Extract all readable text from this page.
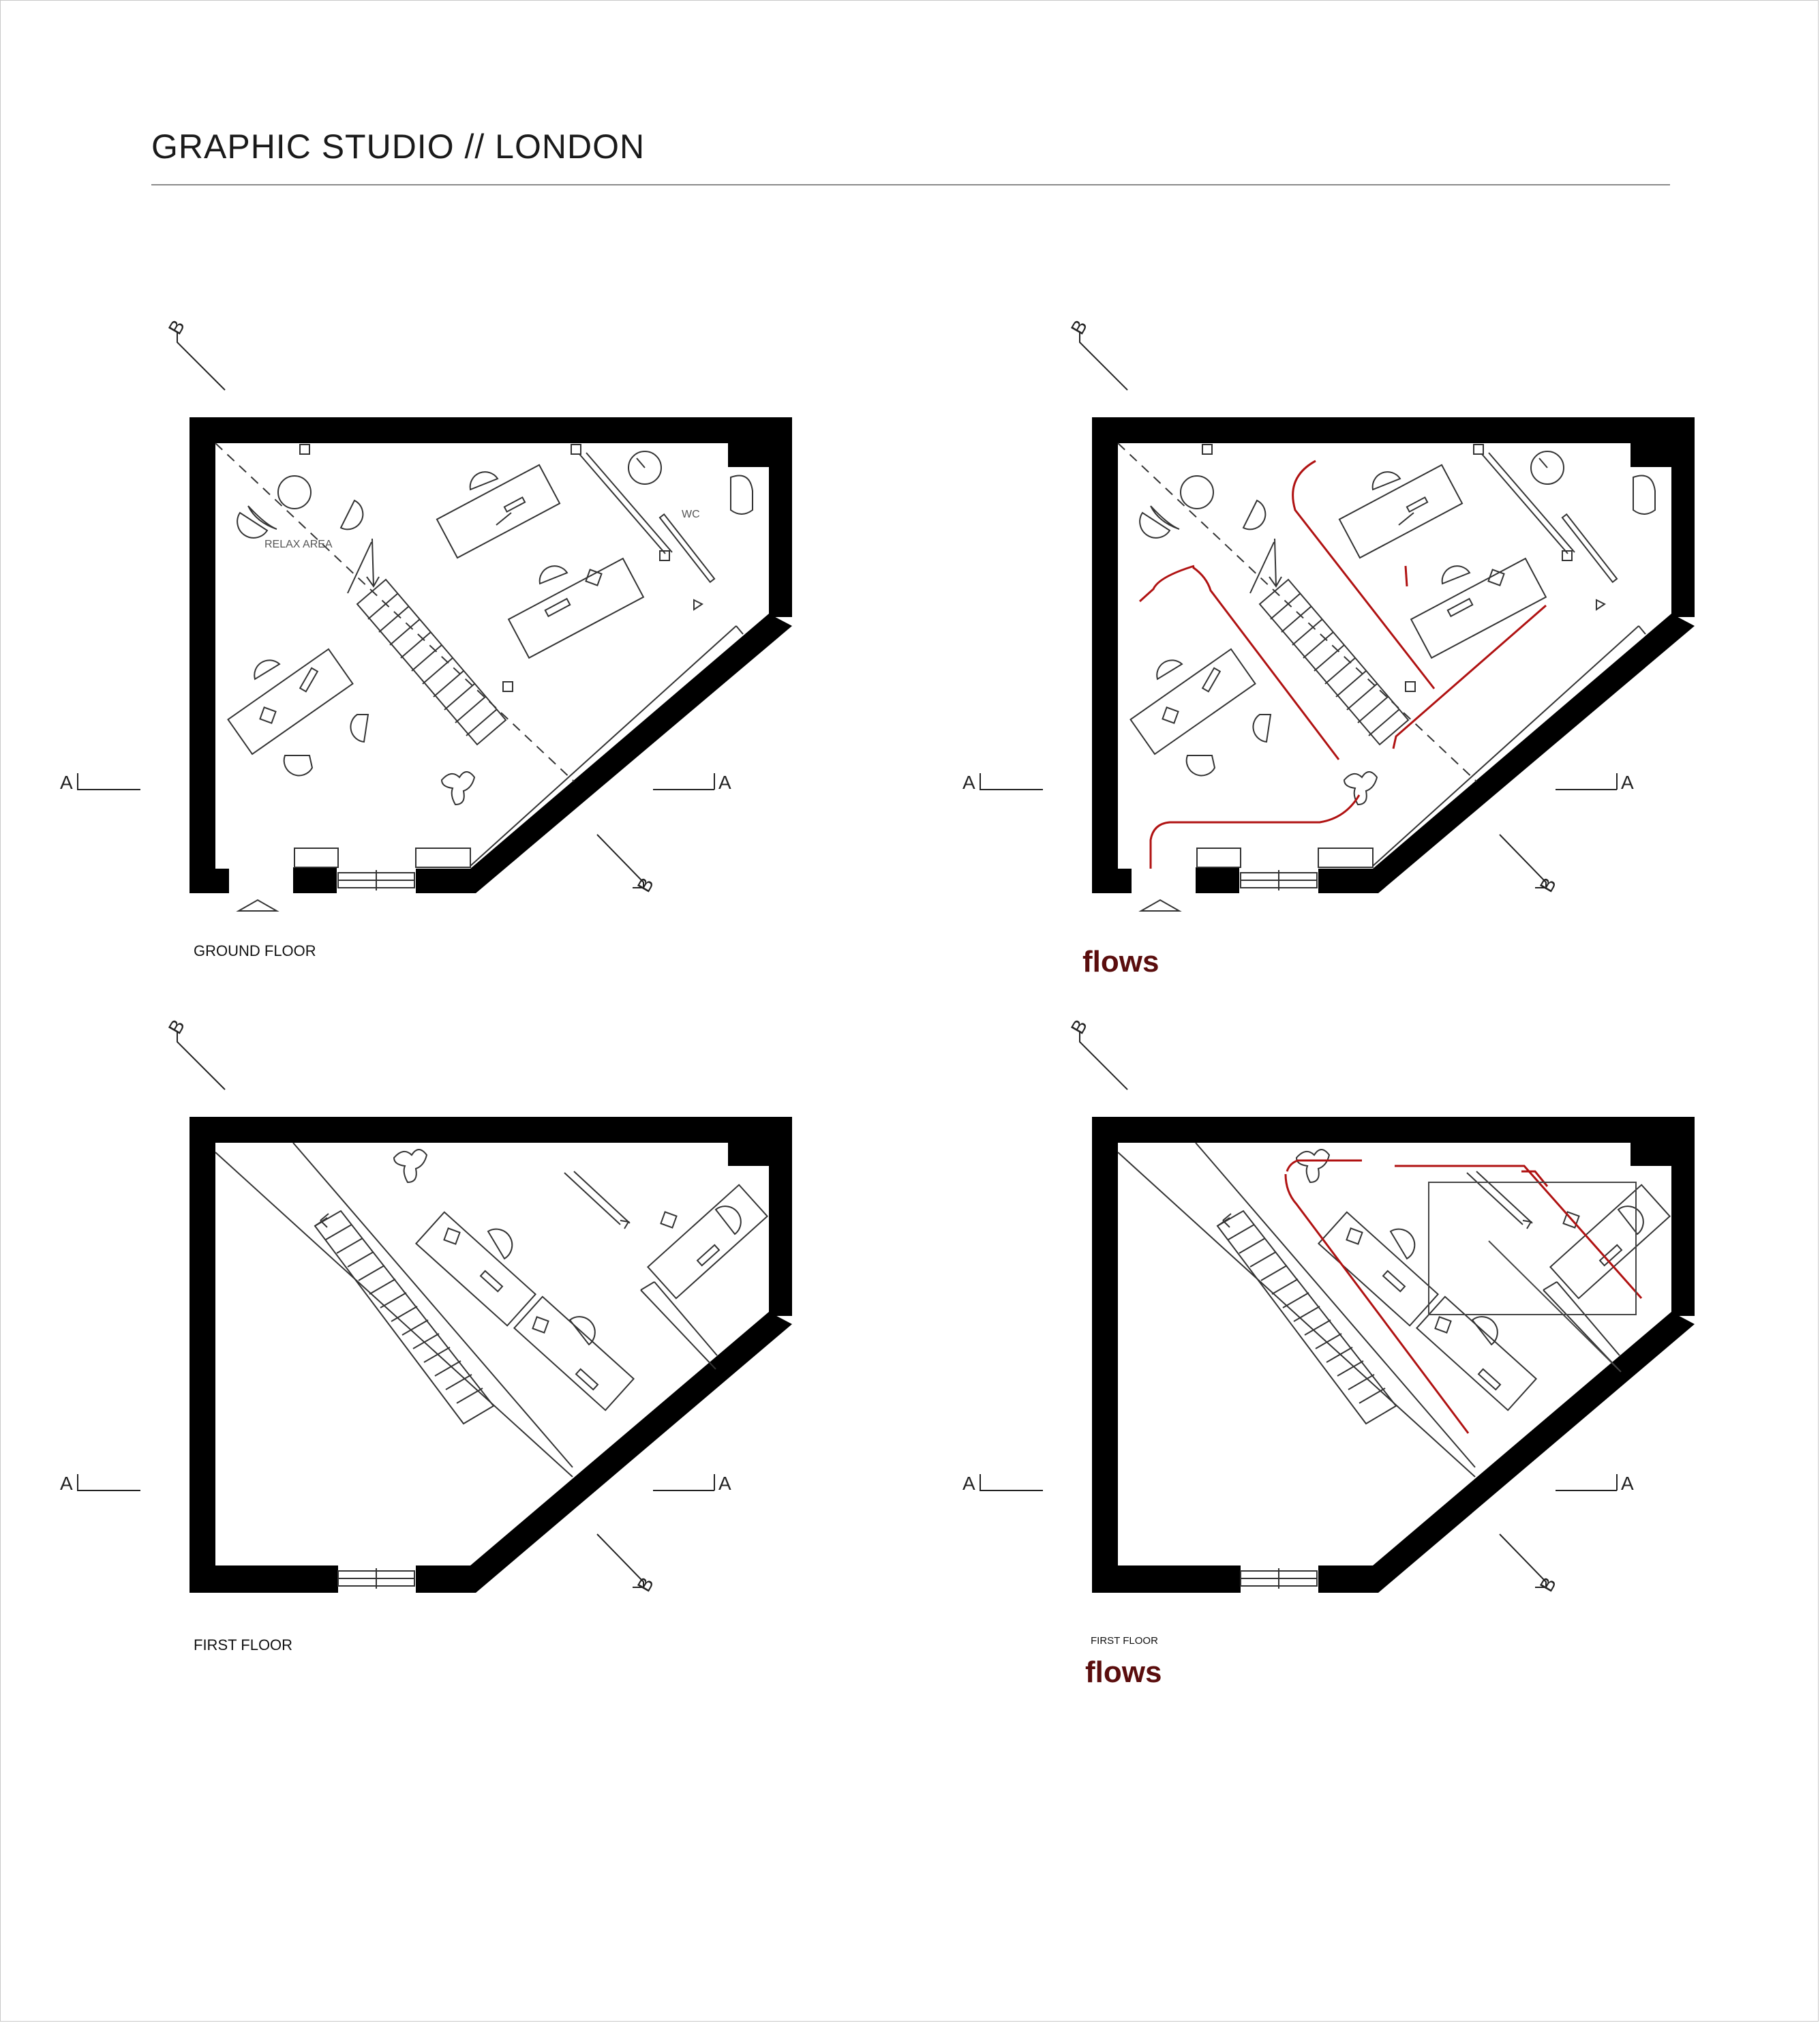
GRAPHIC STUDIO // LONDON
RELAX AREA
WC
B
A	A
B
B
A	A
B
B
A	A
B
B
A	A
B
GROUND FLOOR	flows
FIRST FLOOR	FIRST FLOOR
flows
